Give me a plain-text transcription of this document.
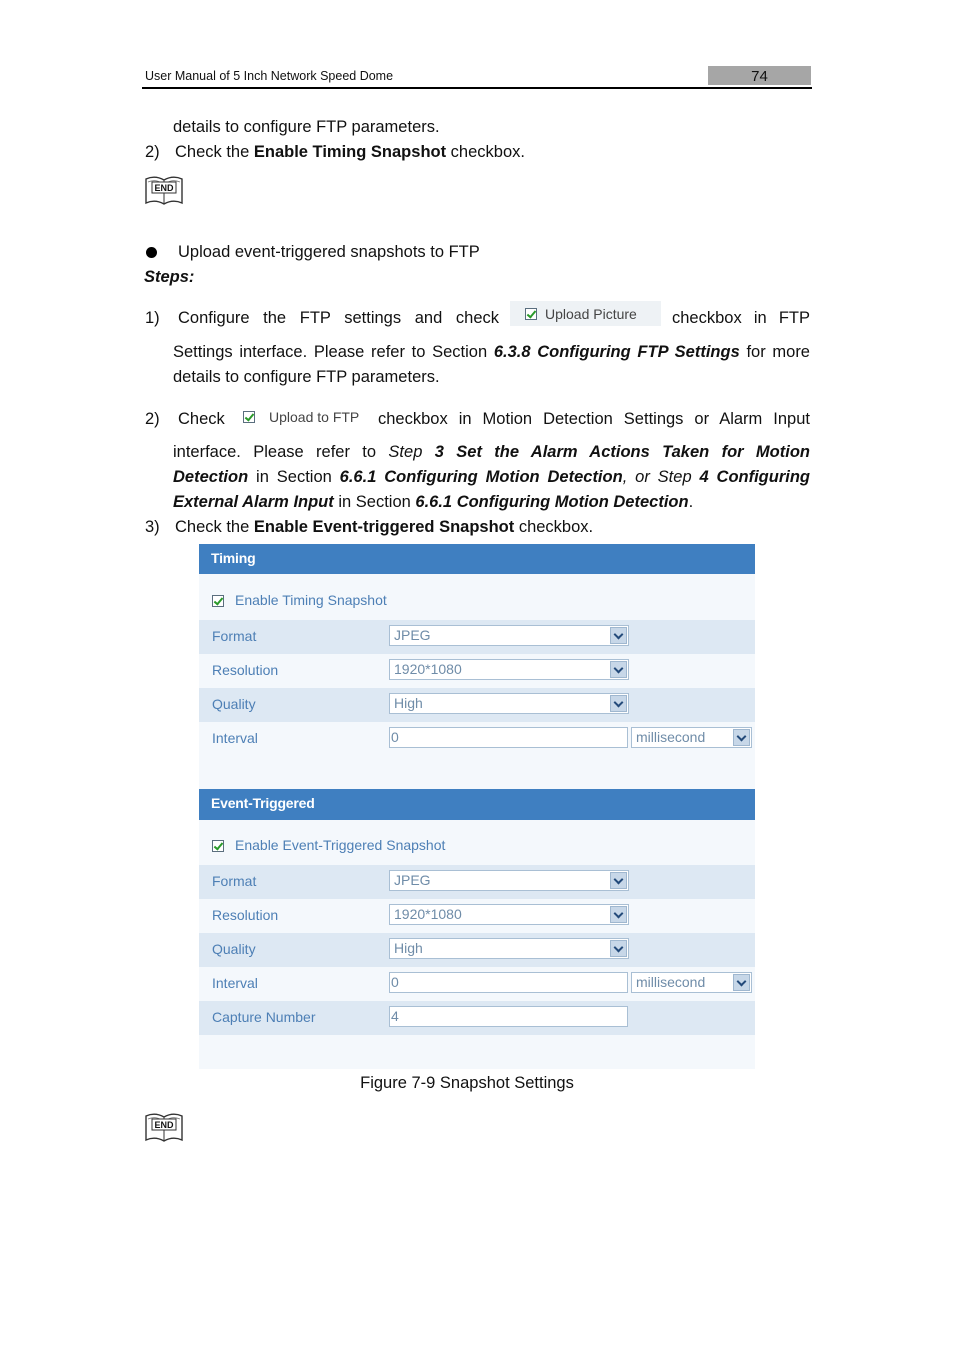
User Manual of 5 Inch Network Speed Dome	74
details to configure FTP parameters.
2) Check the Enable Timing Snapshot checkbox.
END
Upload event-triggered snapshots to FTP
Steps:
1) Configure the FTP settings and check	Upload Picture checkbox in FTP
Settings interface. Please refer to Section 6.3.8 Configuring FTP Settings for more
details to configure FTP parameters.
2) Check	Upload to FTP checkbox in Motion Detection Settings or Alarm Input
interface. Please refer to Step 3 Set the Alarm Actions Taken for Motion
Detection in Section 6.6.1 Configuring Motion Detection, or Step 4 Configuring
External Alarm Input in Section 6.6.1 Configuring Motion Detection.
3) Check the Enable Event-triggered Snapshot checkbox.
Timing
Enable Timing Snapshot
Format	JPEG
Resolution	1920*1080
Quality	High
Interval	0	millisecond
Event-Triggered
Enable Event-Triggered Snapshot
Format	JPEG
Resolution	1920*1080
Quality	High
Interval	0	millisecond
Capture Number	4
Figure 7-9 Snapshot Settings
END
